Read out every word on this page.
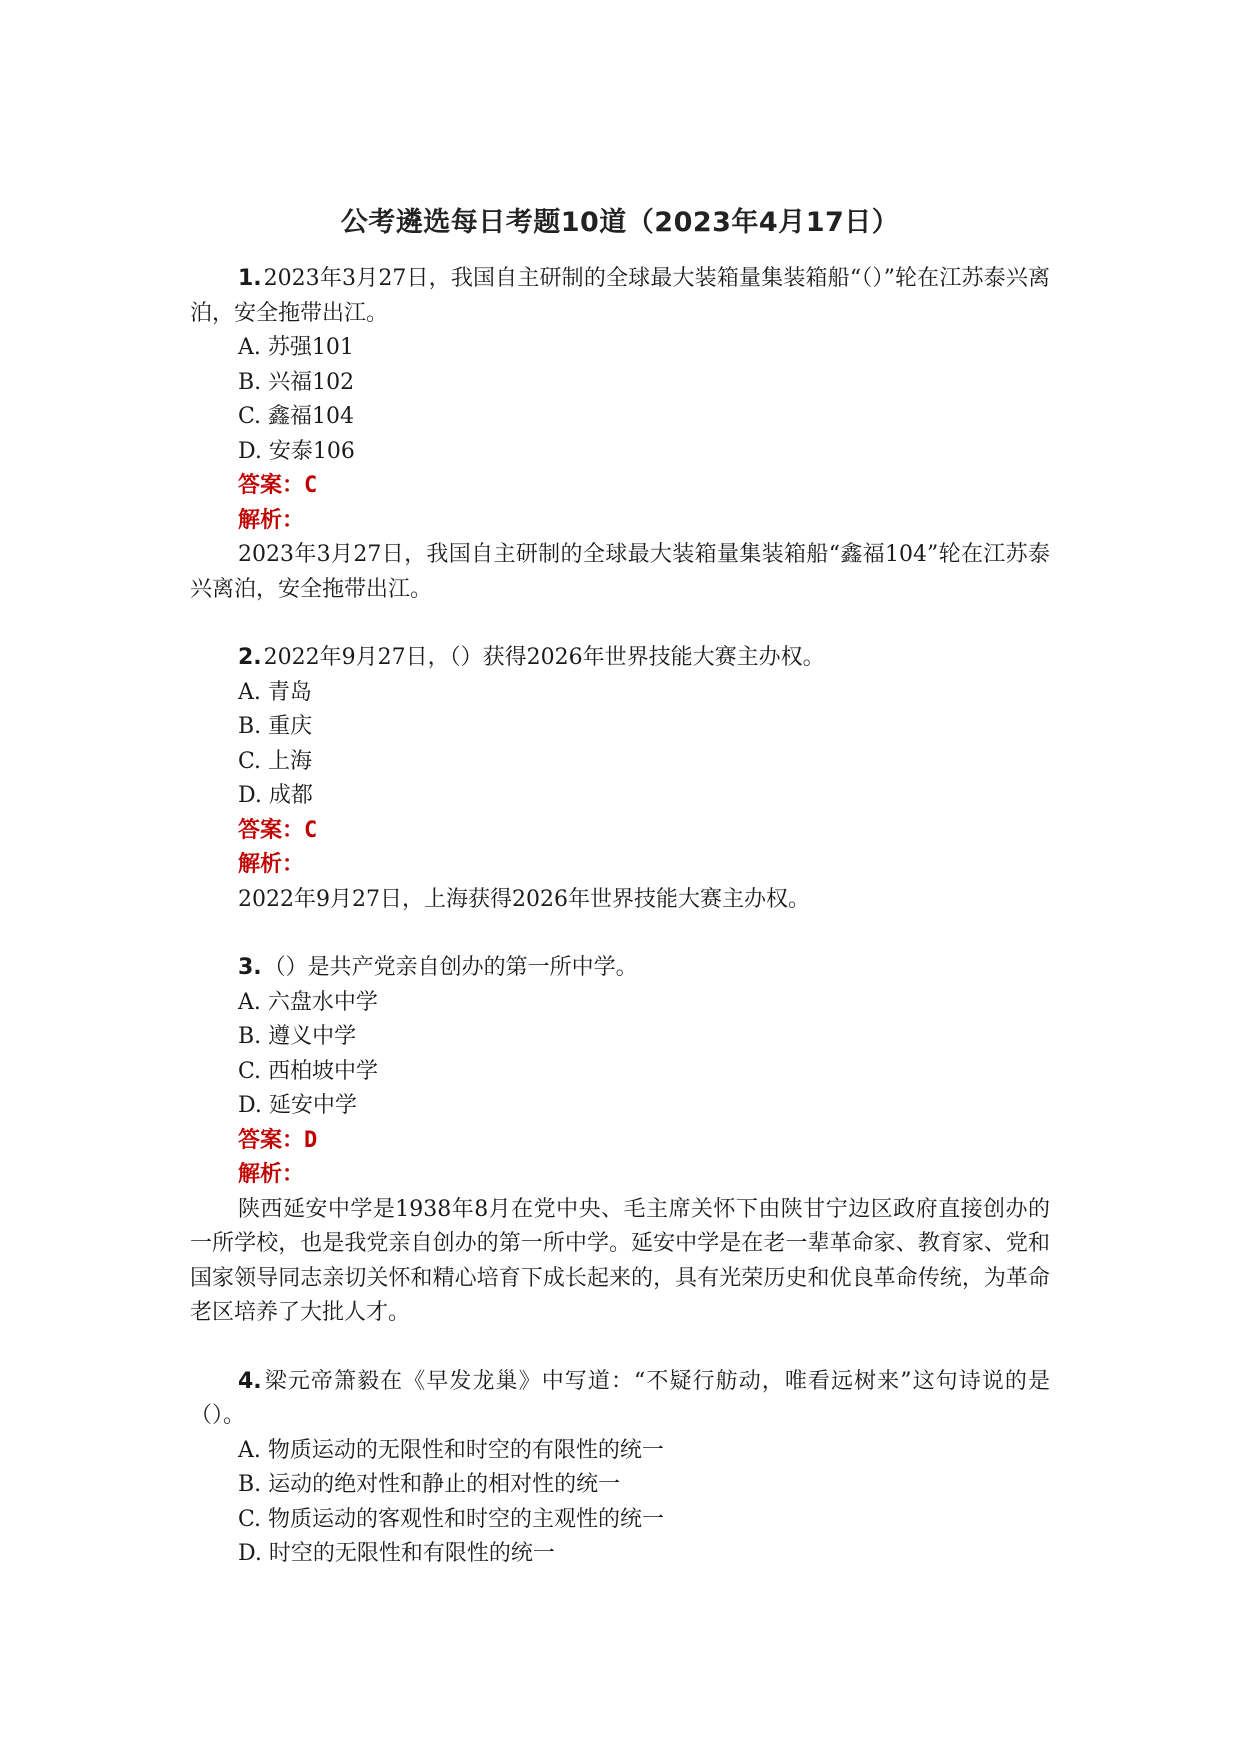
公考遴选每日考题10道（2023年4月17日）
1.2023年3月27日，我国自主研制的全球最大装箱量集装箱船“（）”轮在江苏泰兴离泊，安全拖带出江。
A. 苏强101
B. 兴福102
C. 鑫福104
D. 安泰106
答案：C
解析：
2023年3月27日，我国自主研制的全球最大装箱量集装箱船“鑫福104”轮在江苏泰兴离泊，安全拖带出江。
2.2022年9月27日，（）获得2026年世界技能大赛主办权。
A. 青岛
B. 重庆
C. 上海
D. 成都
答案：C
解析：
2022年9月27日，上海获得2026年世界技能大赛主办权。
3.（）是共产党亲自创办的第一所中学。
A. 六盘水中学
B. 遵义中学
C. 西柏坡中学
D. 延安中学
答案：D
解析：
陕西延安中学是1938年8月在党中央、毛主席关怀下由陕甘宁边区政府直接创办的一所学校，也是我党亲自创办的第一所中学。延安中学是在老一辈革命家、教育家、党和国家领导同志亲切关怀和精心培育下成长起来的，具有光荣历史和优良革命传统，为革命老区培养了大批人才。
4.梁元帝箫毅在《早发龙巢》中写道：“不疑行舫动，唯看远树来”这句诗说的是（）。
A. 物质运动的无限性和时空的有限性的统一
B. 运动的绝对性和静止的相对性的统一
C. 物质运动的客观性和时空的主观性的统一
D. 时空的无限性和有限性的统一
